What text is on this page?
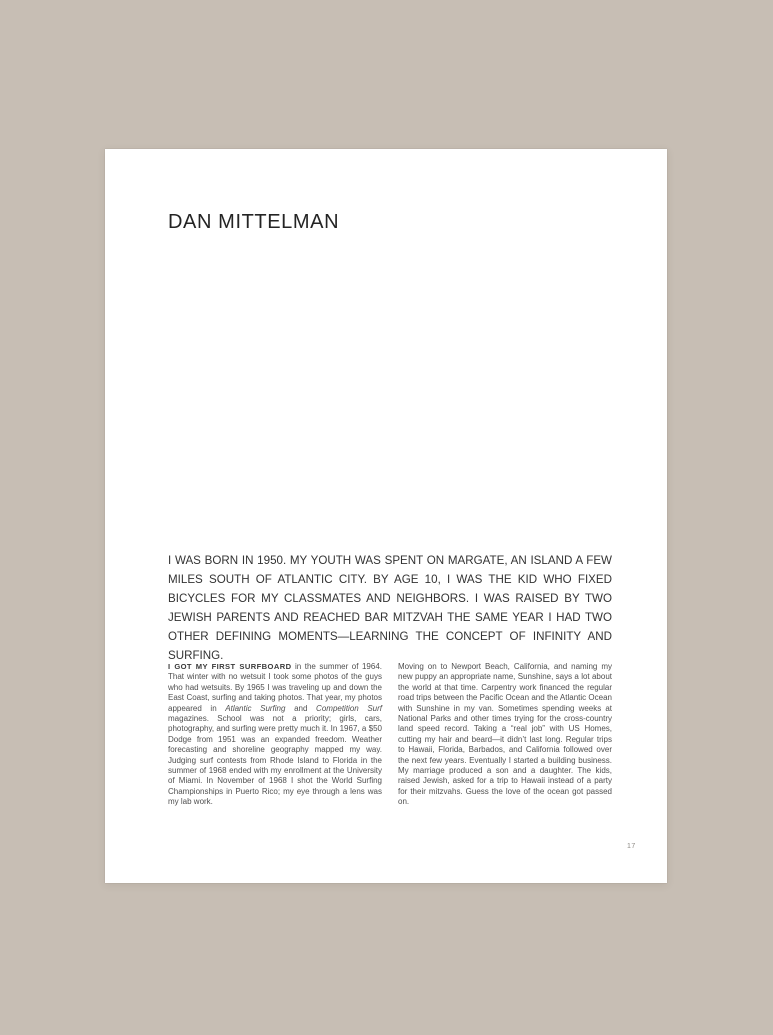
DAN MITTELMAN

I WAS BORN IN 1950. MY YOUTH WAS SPENT ON MARGATE, AN ISLAND A FEW MILES SOUTH OF ATLANTIC CITY. BY AGE 10, I WAS THE KID WHO FIXED BICYCLES FOR MY CLASSMATES AND NEIGHBORS. I WAS RAISED BY TWO JEWISH PARENTS AND REACHED BAR MITZVAH THE SAME YEAR I HAD TWO OTHER DEFINING MOMENTS—LEARNING THE CONCEPT OF INFINITY AND SURFING.

I GOT MY FIRST SURFBOARD in the summer of 1964. That winter with no wetsuit I took some photos of the guys who had wetsuits. By 1965 I was traveling up and down the East Coast, surfing and taking photos. That year, my photos appeared in Atlantic Surfing and Competition Surf magazines. School was not a priority; girls, cars, photography, and surfing were pretty much it. In 1967, a $50 Dodge from 1951 was an expanded freedom. Weather forecasting and shoreline geography mapped my way. Judging surf contests from Rhode Island to Florida in the summer of 1968 ended with my enrollment at the University of Miami. In November of 1968 I shot the World Surfing Championships in Puerto Rico; my eye through a lens was my lab work.

Moving on to Newport Beach, California, and naming my new puppy an appropriate name, Sunshine, says a lot about the world at that time. Carpentry work financed the regular road trips between the Pacific Ocean and the Atlantic Ocean with Sunshine in my van. Sometimes spending weeks at National Parks and other times trying for the cross-country land speed record. Taking a “real job” with US Homes, cutting my hair and beard—it didn’t last long. Regular trips to Hawaii, Florida, Barbados, and California followed over the next few years. Eventually I started a building business. My marriage produced a son and a daughter. The kids, raised Jewish, asked for a trip to Hawaii instead of a party for their mitzvahs. Guess the love of the ocean got passed on.

17
